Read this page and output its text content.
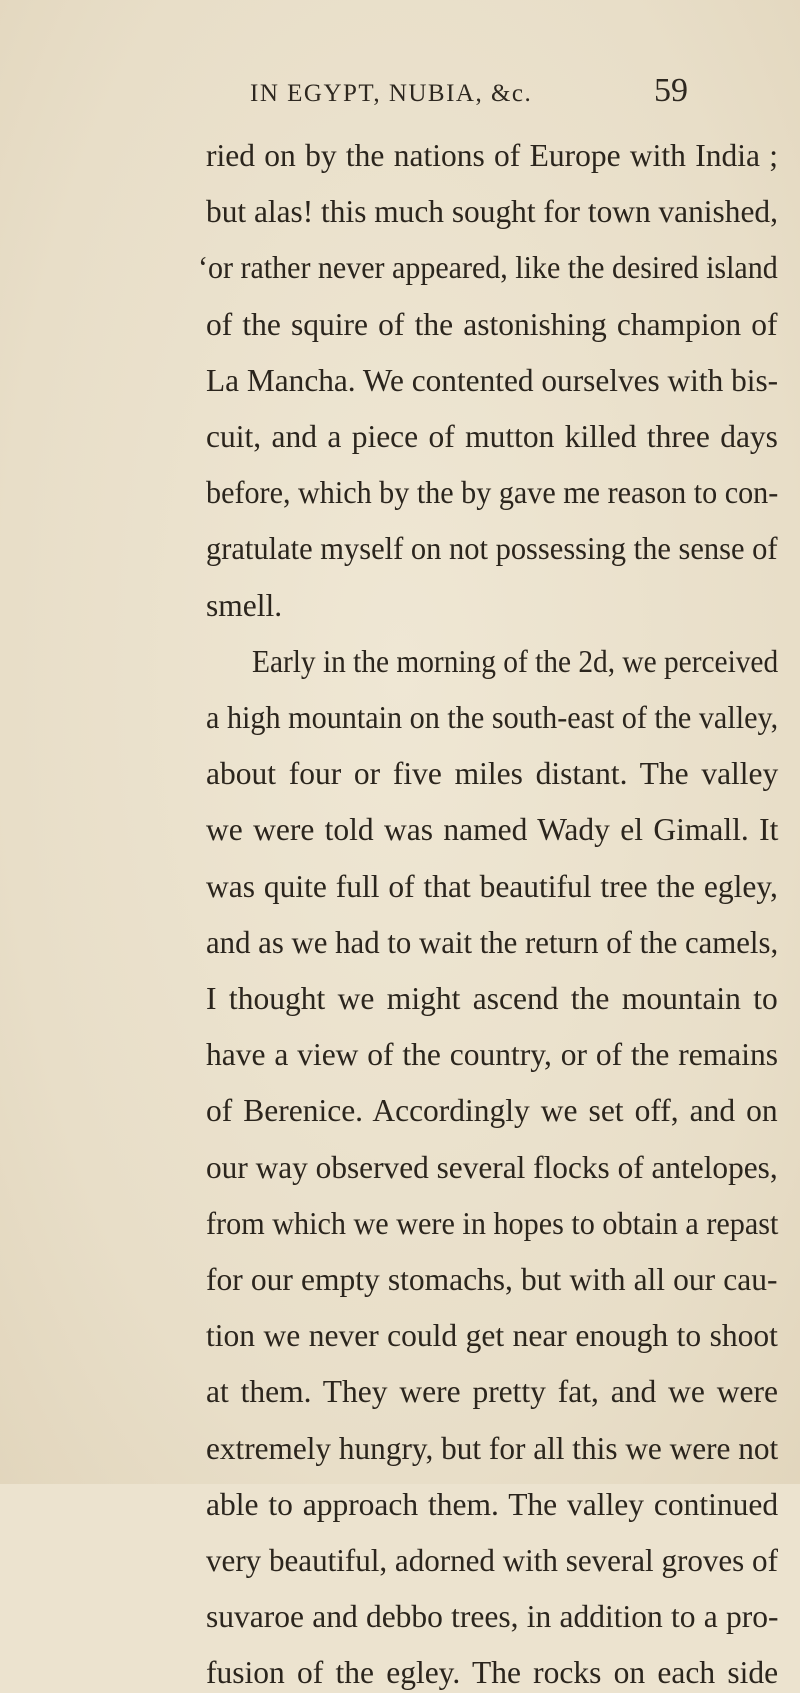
IN EGYPT, NUBIA, &c.	59
ried on by the nations of Europe with India ;
but alas! this much sought for town vanished,
‘or rather never appeared, like the desired island
of the squire of the astonishing champion of
La Mancha. We contented ourselves with bis-
cuit, and a piece of mutton killed three days
before, which by the by gave me reason to con-
gratulate myself on not possessing the sense of
smell.
Early in the morning of the 2d, we perceived
a high mountain on the south-east of the valley,
about four or five miles distant. The valley
we were told was named Wady el Gimall. It
was quite full of that beautiful tree the egley,
and as we had to wait the return of the camels,
I thought we might ascend the mountain to
have a view of the country, or of the remains
of Berenice. Accordingly we set off, and on
our way observed several flocks of antelopes,
from which we were in hopes to obtain a repast
for our empty stomachs, but with all our cau-
tion we never could get near enough to shoot
at them. They were pretty fat, and we were
extremely hungry, but for all this we were not
able to approach them. The valley continued
very beautiful, adorned with several groves of
suvaroe and debbo trees, in addition to a pro-
fusion of the egley. The rocks on each side
